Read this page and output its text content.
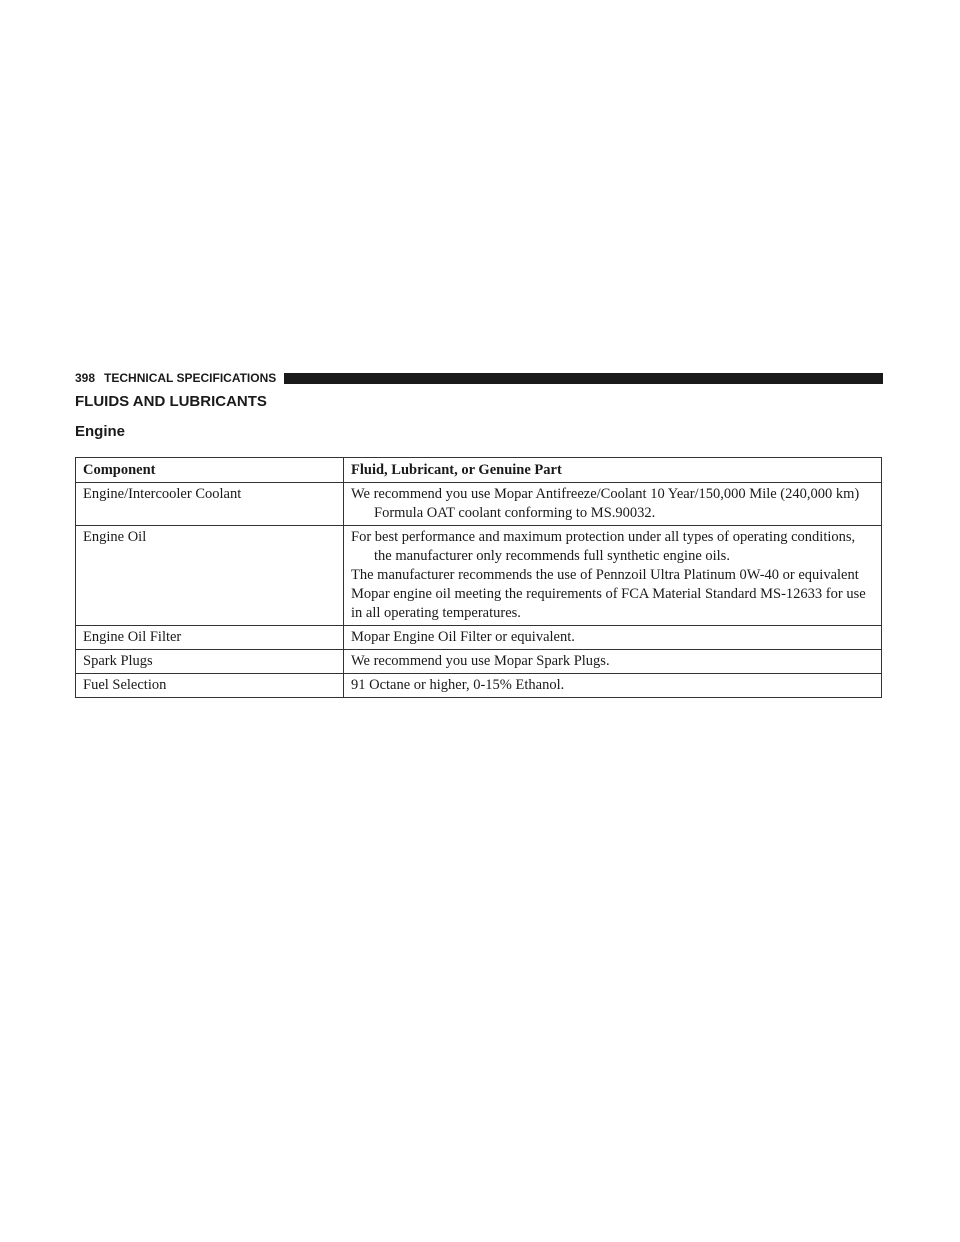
398 TECHNICAL SPECIFICATIONS
FLUIDS AND LUBRICANTS
Engine
Component	Fluid, Lubricant, or Genuine Part
Engine/Intercooler Coolant	We recommend you use Mopar Antifreeze/Coolant 10 Year/150,000 Mile (240,000 km) Formula OAT coolant conforming to MS.90032.

Engine Oil	For best performance and maximum protection under all types of operating conditions, the manufacturer only recommends full synthetic engine oils.
The manufacturer recommends the use of Pennzoil Ultra Platinum 0W-40 or equivalent Mopar engine oil meeting the requirements of FCA Material Standard MS-12633 for use in all operating temperatures.

Engine Oil Filter	Mopar Engine Oil Filter or equivalent.

Spark Plugs	We recommend you use Mopar Spark Plugs.

Fuel Selection	91 Octane or higher, 0-15% Ethanol.
